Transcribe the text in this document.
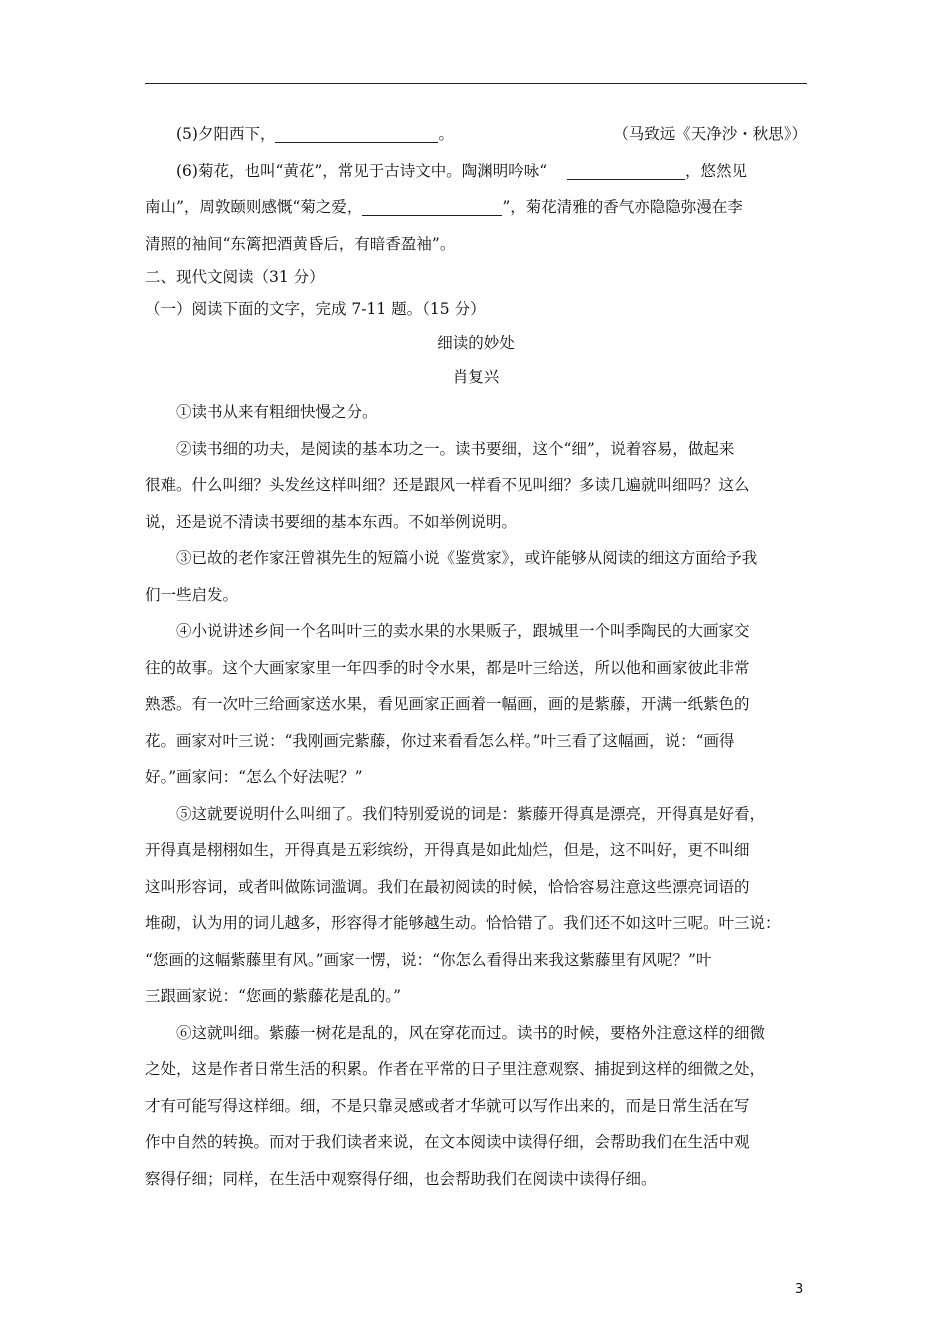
(5)夕阳西下，	。	（马致远《天净沙・秋思》）
(6)菊花，也叫“黄花”，常见于古诗文中。陶渊明吟咏“	，悠然见
南山”，周敦颐则感慨“菊之爱，	”，菊花清雅的香气亦隐隐弥漫在李
清照的袖间“东篱把酒黄昏后，有暗香盈袖”。
二、现代文阅读（31 分）
（一）阅读下面的文字，完成 7-11 题。（15 分）
细读的妙处
肖复兴
①读书从来有粗细快慢之分。
②读书细的功夫，是阅读的基本功之一。读书要细，这个“细”，说着容易，做起来
很难。什么叫细？头发丝这样叫细？还是跟风一样看不见叫细？多读几遍就叫细吗？这么
说，还是说不清读书要细的基本东西。不如举例说明。
③已故的老作家汪曾祺先生的短篇小说《鉴赏家》，或许能够从阅读的细这方面给予我
们一些启发。
④小说讲述乡间一个名叫叶三的卖水果的水果贩子，跟城里一个叫季陶民的大画家交
往的故事。这个大画家家里一年四季的时令水果，都是叶三给送，所以他和画家彼此非常
熟悉。有一次叶三给画家送水果，看见画家正画着一幅画，画的是紫藤，开满一纸紫色的
花。画家对叶三说：“我刚画完紫藤，你过来看看怎么样。”叶三看了这幅画，说：“画得
好。”画家问：“怎么个好法呢？”
⑤这就要说明什么叫细了。我们特别爱说的词是：紫藤开得真是漂亮，开得真是好看，
开得真是栩栩如生，开得真是五彩缤纷，开得真是如此灿烂，但是，这不叫好，更不叫细
这叫形容词，或者叫做陈词滥调。我们在最初阅读的时候，恰恰容易注意这些漂亮词语的
堆砌，认为用的词儿越多，形容得才能够越生动。恰恰错了。我们还不如这叶三呢。叶三说：
“您画的这幅紫藤里有风。”画家一愣，说：“你怎么看得出来我这紫藤里有风呢？”叶
三跟画家说：“您画的紫藤花是乱的。”
⑥这就叫细。紫藤一树花是乱的，风在穿花而过。读书的时候，要格外注意这样的细微
之处，这是作者日常生活的积累。作者在平常的日子里注意观察、捕捉到这样的细微之处，
才有可能写得这样细。细，不是只靠灵感或者才华就可以写作出来的，而是日常生活在写
作中自然的转换。而对于我们读者来说，在文本阅读中读得仔细，会帮助我们在生活中观
察得仔细；同样，在生活中观察得仔细，也会帮助我们在阅读中读得仔细。
3
